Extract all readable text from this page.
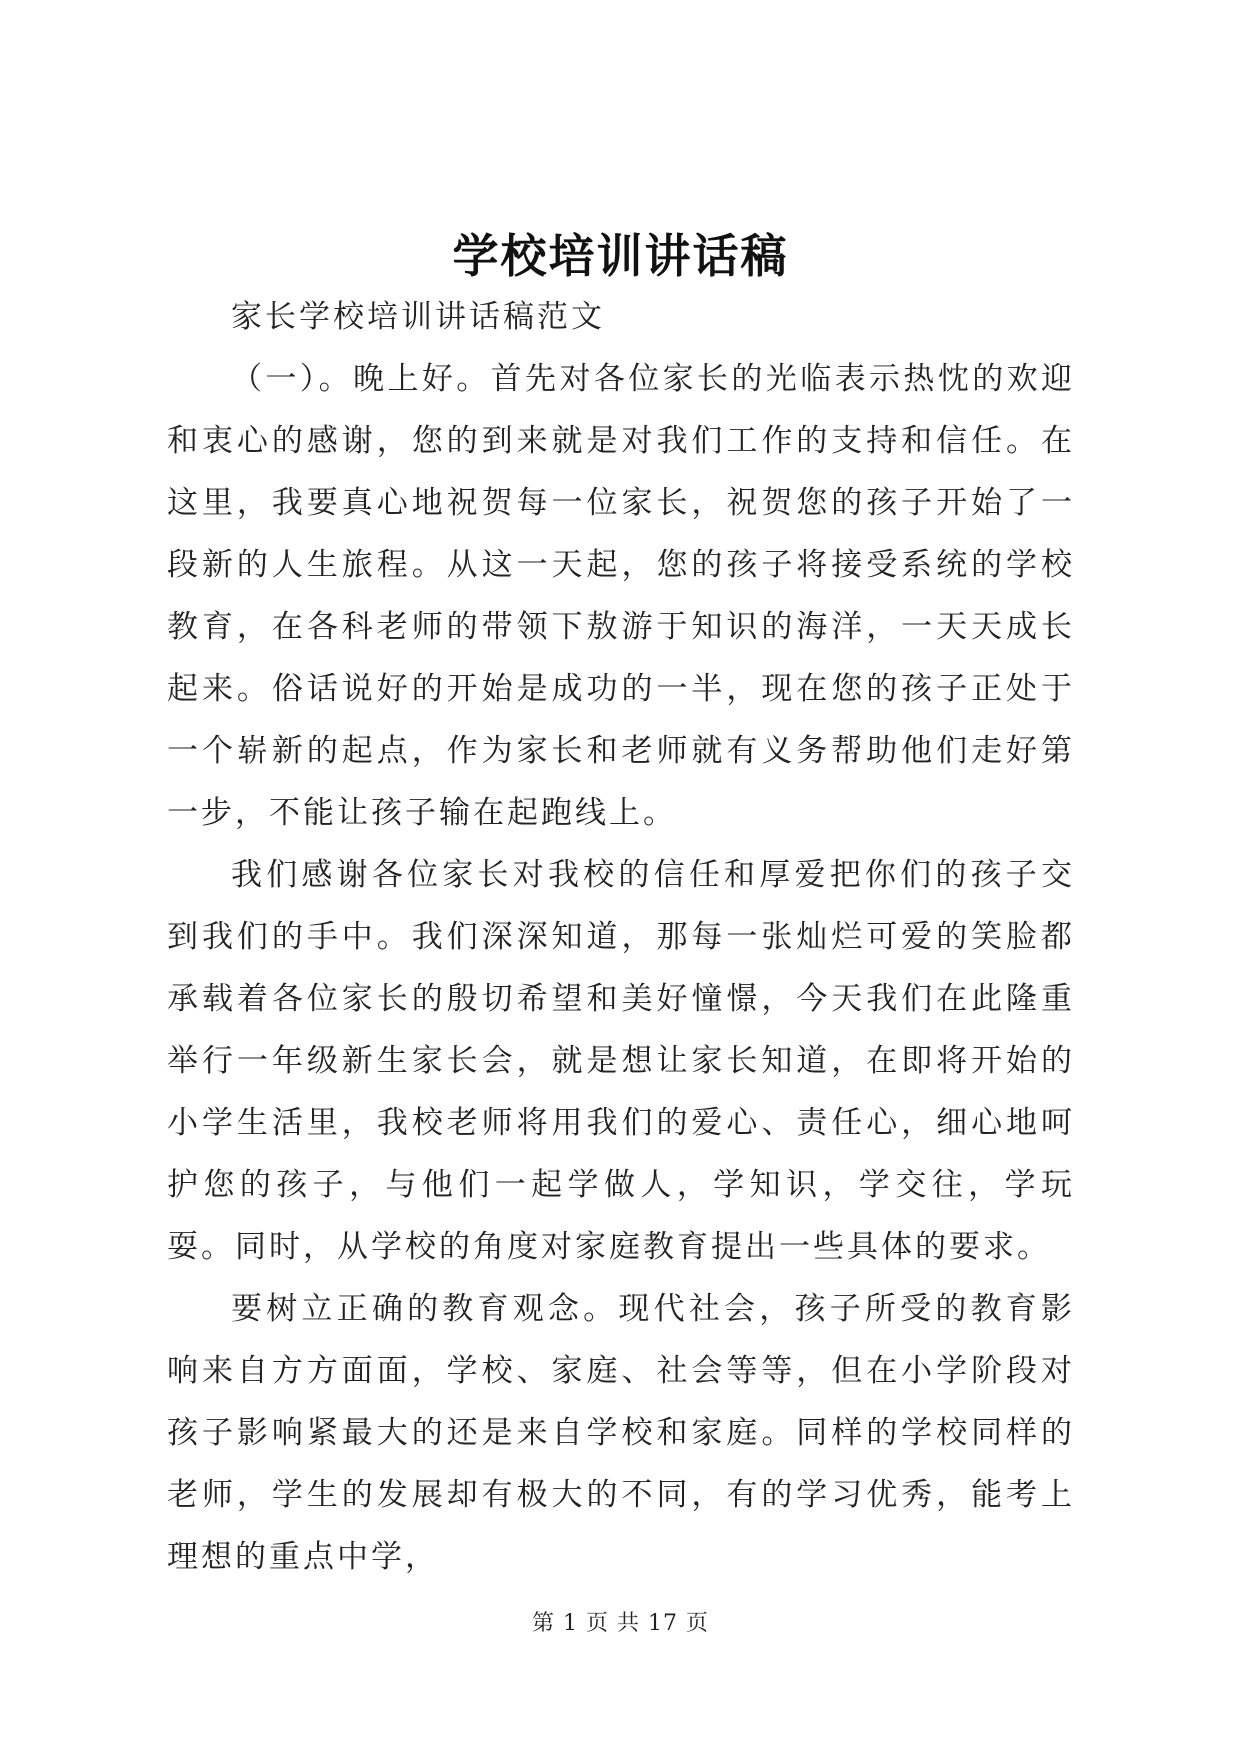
学校培训讲话稿

家长学校培训讲话稿范文

（一）。晚上好。首先对各位家长的光临表示热忱的欢迎和衷心的感谢，您的到来就是对我们工作的支持和信任。在这里，我要真心地祝贺每一位家长，祝贺您的孩子开始了一段新的人生旅程。从这一天起，您的孩子将接受系统的学校教育，在各科老师的带领下敖游于知识的海洋，一天天成长起来。俗话说好的开始是成功的一半，现在您的孩子正处于一个崭新的起点，作为家长和老师就有义务帮助他们走好第一步，不能让孩子输在起跑线上。

我们感谢各位家长对我校的信任和厚爱把你们的孩子交到我们的手中。我们深深知道，那每一张灿烂可爱的笑脸都承载着各位家长的殷切希望和美好憧憬，今天我们在此隆重举行一年级新生家长会，就是想让家长知道，在即将开始的小学生活里，我校老师将用我们的爱心、责任心，细心地呵护您的孩子，与他们一起学做人，学知识，学交往，学玩耍。同时，从学校的角度对家庭教育提出一些具体的要求。

要树立正确的教育观念。现代社会，孩子所受的教育影响来自方方面面，学校、家庭、社会等等，但在小学阶段对孩子影响紧最大的还是来自学校和家庭。同样的学校同样的老师，学生的发展却有极大的不同，有的学习优秀，能考上理想的重点中学，

第 1 页 共 17 页
